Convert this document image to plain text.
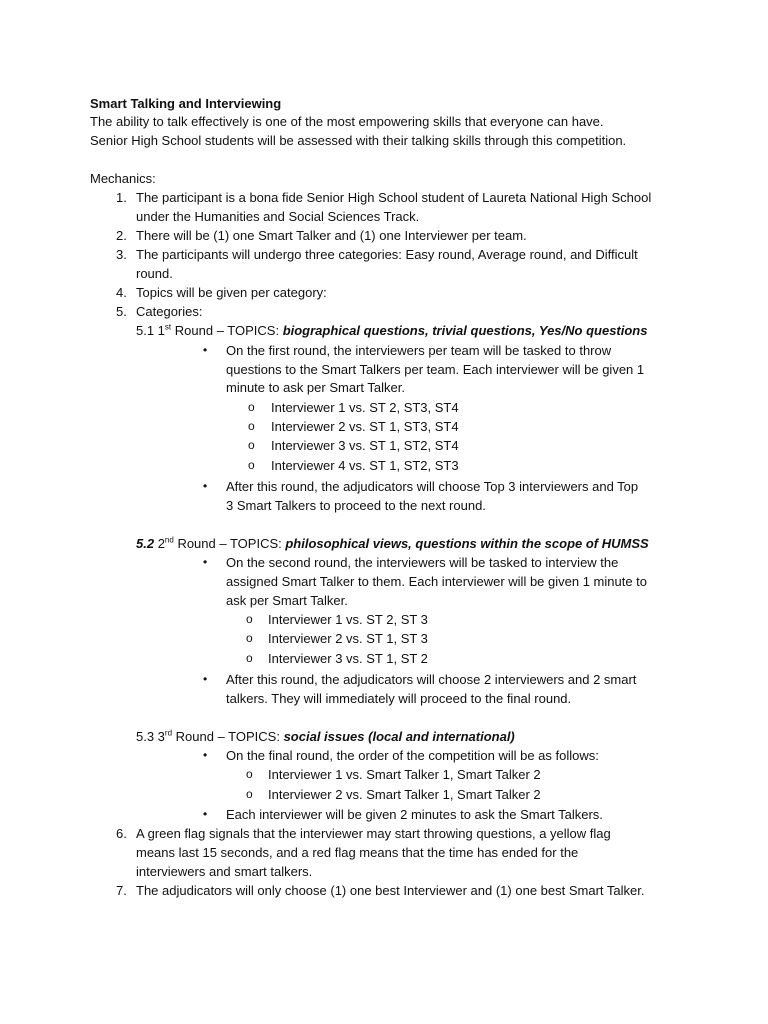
Smart Talking and Interviewing
The ability to talk effectively is one of the most empowering skills that everyone can have.
Senior High School students will be assessed with their talking skills through this competition.
Mechanics:
1. The participant is a bona fide Senior High School student of Laureta National High School
under the Humanities and Social Sciences Track.
2. There will be (1) one Smart Talker and (1) one Interviewer per team.
3. The participants will undergo three categories: Easy round, Average round, and Difficult
round.
4. Topics will be given per category:
5. Categories:
5.1 1st Round – TOPICS: biographical questions, trivial questions, Yes/No questions
• On the first round, the interviewers per team will be tasked to throw
questions to the Smart Talkers per team. Each interviewer will be given 1
minute to ask per Smart Talker.
o Interviewer 1 vs. ST 2, ST3, ST4
o Interviewer 2 vs. ST 1, ST3, ST4
o Interviewer 3 vs. ST 1, ST2, ST4
o Interviewer 4 vs. ST 1, ST2, ST3
• After this round, the adjudicators will choose Top 3 interviewers and Top
3 Smart Talkers to proceed to the next round.
5.2 2nd Round – TOPICS: philosophical views, questions within the scope of HUMSS
• On the second round, the interviewers will be tasked to interview the
assigned Smart Talker to them. Each interviewer will be given 1 minute to
ask per Smart Talker.
o Interviewer 1 vs. ST 2, ST 3
o Interviewer 2 vs. ST 1, ST 3
o Interviewer 3 vs. ST 1, ST 2
• After this round, the adjudicators will choose 2 interviewers and 2 smart
talkers. They will immediately will proceed to the final round.
5.3 3rd Round – TOPICS: social issues (local and international)
• On the final round, the order of the competition will be as follows:
o Interviewer 1 vs. Smart Talker 1, Smart Talker 2
o Interviewer 2 vs. Smart Talker 1, Smart Talker 2
• Each interviewer will be given 2 minutes to ask the Smart Talkers.
6. A green flag signals that the interviewer may start throwing questions, a yellow flag
means last 15 seconds, and a red flag means that the time has ended for the
interviewers and smart talkers.
7. The adjudicators will only choose (1) one best Interviewer and (1) one best Smart Talker.
